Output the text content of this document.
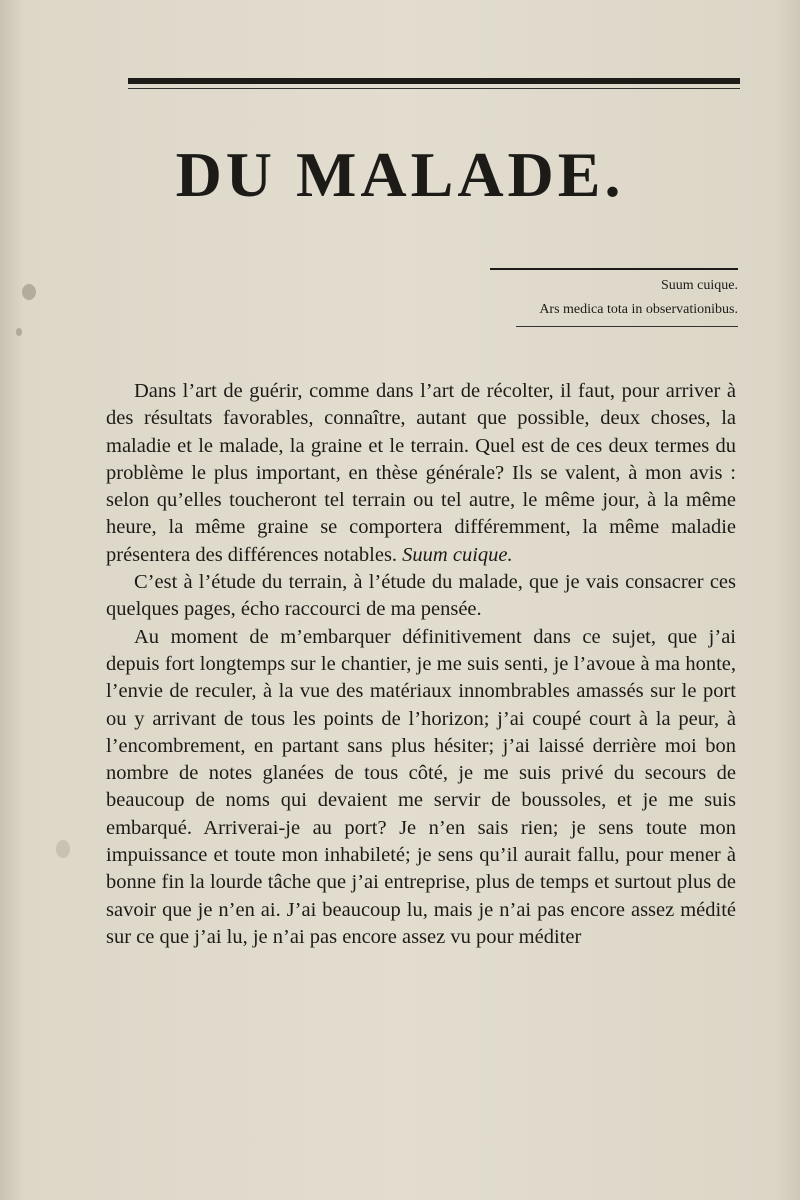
DU MALADE.
Suum cuique.
Ars medica tota in observationibus.

Dans l’art de guérir, comme dans l’art de récolter, il faut, pour arriver à des résultats favorables, connaître, autant que possible, deux choses, la maladie et le malade, la graine et le terrain. Quel est de ces deux termes du problème le plus important, en thèse générale? Ils se valent, à mon avis : selon qu’elles toucheront tel terrain ou tel autre, le même jour, à la même heure, la même graine se comportera différemment, la même maladie présentera des différences notables. Suum cuique.

C’est à l’étude du terrain, à l’étude du malade, que je vais consacrer ces quelques pages, écho raccourci de ma pensée.

Au moment de m’embarquer définitivement dans ce sujet, que j’ai depuis fort longtemps sur le chantier, je me suis senti, je l’avoue à ma honte, l’envie de reculer, à la vue des matériaux innombrables amassés sur le port ou y arrivant de tous les points de l’horizon; j’ai coupé court à la peur, à l’encombrement, en partant sans plus hésiter; j’ai laissé derrière moi bon nombre de notes glanées de tous côté, je me suis privé du secours de beaucoup de noms qui devaient me servir de boussoles, et je me suis embarqué. Arriverai-je au port? Je n’en sais rien; je sens toute mon impuissance et toute mon inhabileté; je sens qu’il aurait fallu, pour mener à bonne fin la lourde tâche que j’ai entreprise, plus de temps et surtout plus de savoir que je n’en ai. J’ai beaucoup lu, mais je n’ai pas encore assez médité sur ce que j’ai lu, je n’ai pas encore assez vu pour méditer
